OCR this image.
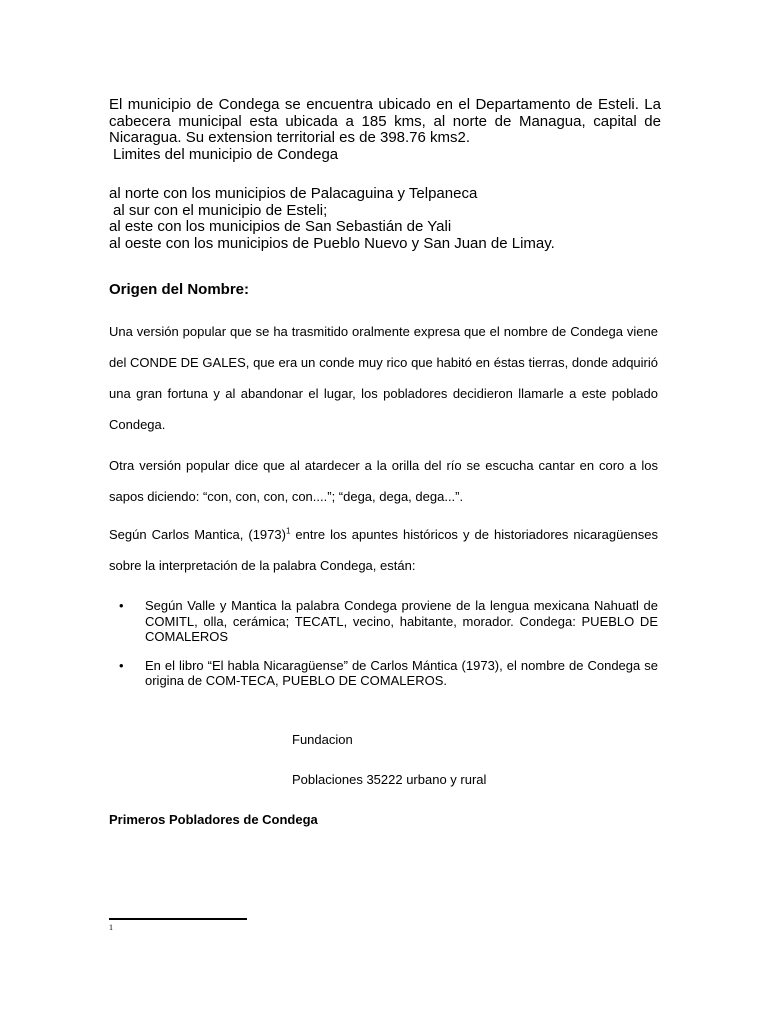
El municipio de Condega se encuentra ubicado en el Departamento de Esteli. La cabecera municipal esta ubicada a 185 kms, al norte de Managua, capital de Nicaragua. Su extension territorial es de 398.76 kms2.

Limites del municipio de Condega

al norte con los municipios de Palacaguina y Telpaneca

al sur con el municipio de Esteli;

al este con los municipios de San Sebastián de Yali

al oeste con los municipios de Pueblo Nuevo y San Juan de Limay.

Origen del Nombre:

Una versión popular que se ha trasmitido oralmente expresa que el nombre de Condega viene del CONDE DE GALES, que era un conde muy rico que habitó en éstas tierras, donde adquirió una gran fortuna y al abandonar el lugar, los pobladores decidieron llamarle a este poblado Condega.

Otra versión popular dice que al atardecer a la orilla del río se escucha cantar en coro a los sapos diciendo: “con, con, con, con....”; “dega, dega, dega...”.

Según Carlos Mantica, (1973)$^1$ entre los apuntes históricos y de historiadores nicaragüenses sobre la interpretación de la palabra Condega, están:

• Según Valle y Mantica la palabra Condega proviene de la lengua mexicana Nahuatl de COMITL, olla, cerámica; TECATL, vecino, habitante, morador. Condega: PUEBLO DE COMALEROS
• En el libro “El habla Nicaragüense” de Carlos Mántica (1973), el nombre de Condega se origina de COM-TECA, PUEBLO DE COMALEROS.

Fundacion

Poblaciones 35222 urbano y rural

Primeros Pobladores de Condega

1
